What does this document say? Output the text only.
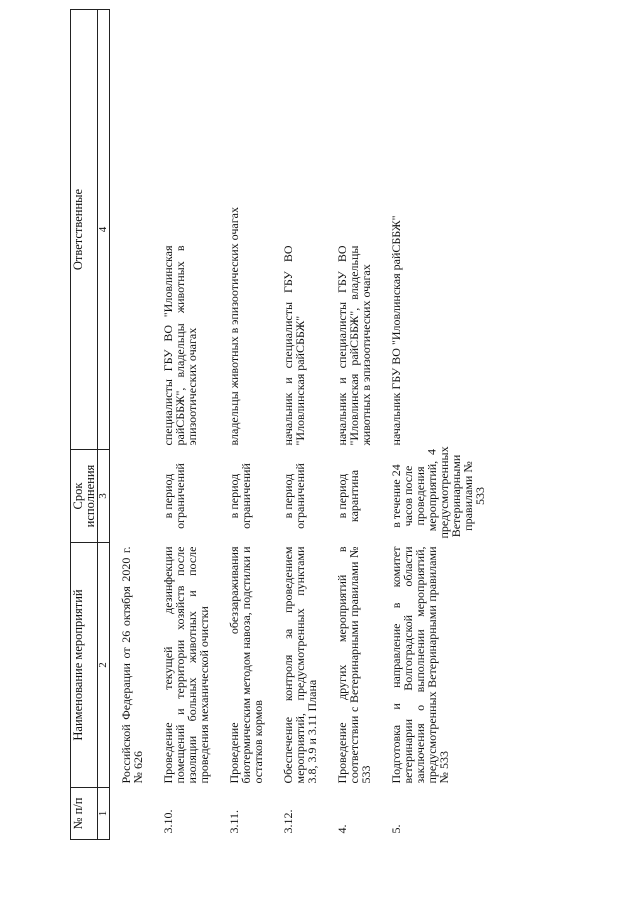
4
№ п/п	Наименование мероприятий	Срок исполнения	Ответственные
1	2	3	4
	Российской Федерации от 26 октября 2020 г. № 626		
3.10.	Проведение текущей дезинфекции помещений и территории хозяйств после изоляции больных животных и после проведения механической очистки	в период ограничений	специалисты ГБУ ВО "Иловлинская райСББЖ", владельцы животных в эпизоотических очагах

3.11.	Проведение обеззараживания биотермическим методом навоза, подстилки и остатков кормов	в период ограничений	владельцы животных в эпизоотических очагах

3.12.	Обеспечение контроля за проведением мероприятий, предусмотренных пунктами 3.8, 3.9 и 3.11 Плана	в период ограничений	начальник и специалисты ГБУ ВО "Иловлинская райСББЖ"

4.	Проведение других мероприятий в соответствии с Ветеринарными правилами № 533	в период карантина	начальник и специалисты ГБУ ВО "Иловлинская райСББЖ", владельцы животных в эпизоотических очагах

5.	Подготовка и направление в комитет ветеринарии Волгоградской области заключения о выполнении мероприятий, предусмотренных Ветеринарными правилами № 533	в течение 24 часов после проведения мероприятий, предусмотренных Ветеринарными правилами № 533	начальник ГБУ ВО "Иловлинская райСББЖ"
